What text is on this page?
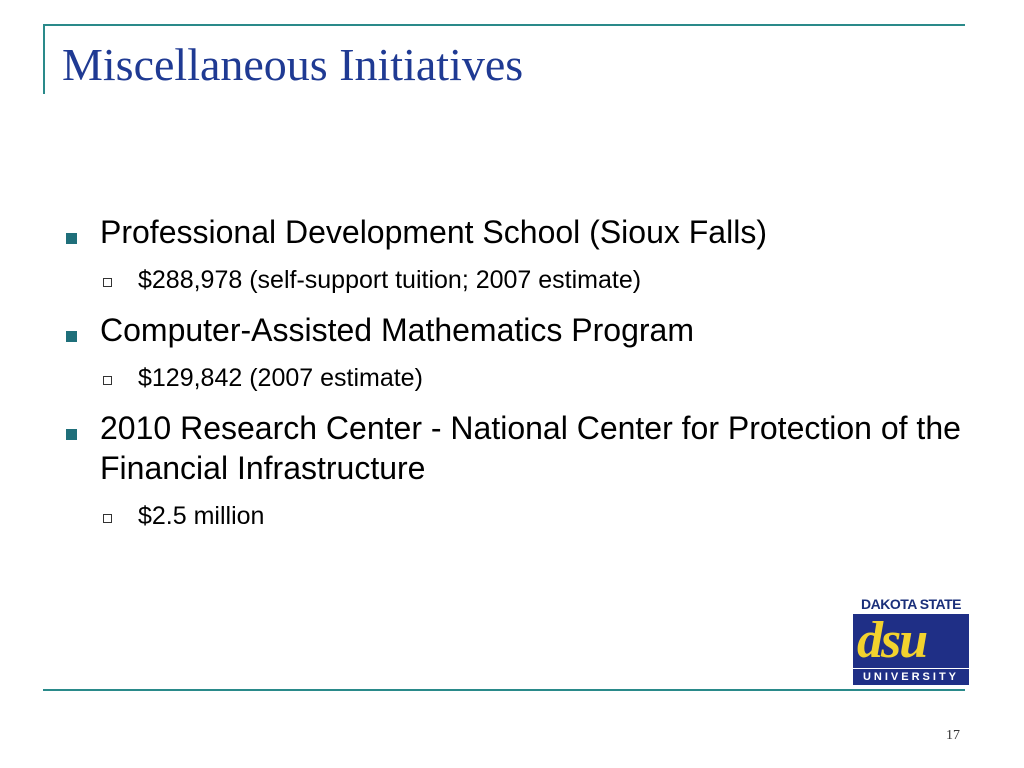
Miscellaneous Initiatives
Professional Development School (Sioux Falls)
$288,978 (self-support tuition; 2007 estimate)
Computer-Assisted Mathematics Program
$129,842 (2007 estimate)
2010 Research Center - National Center for Protection of the Financial Infrastructure
$2.5 million
DAKOTA STATE
dsu
UNIVERSITY
17
